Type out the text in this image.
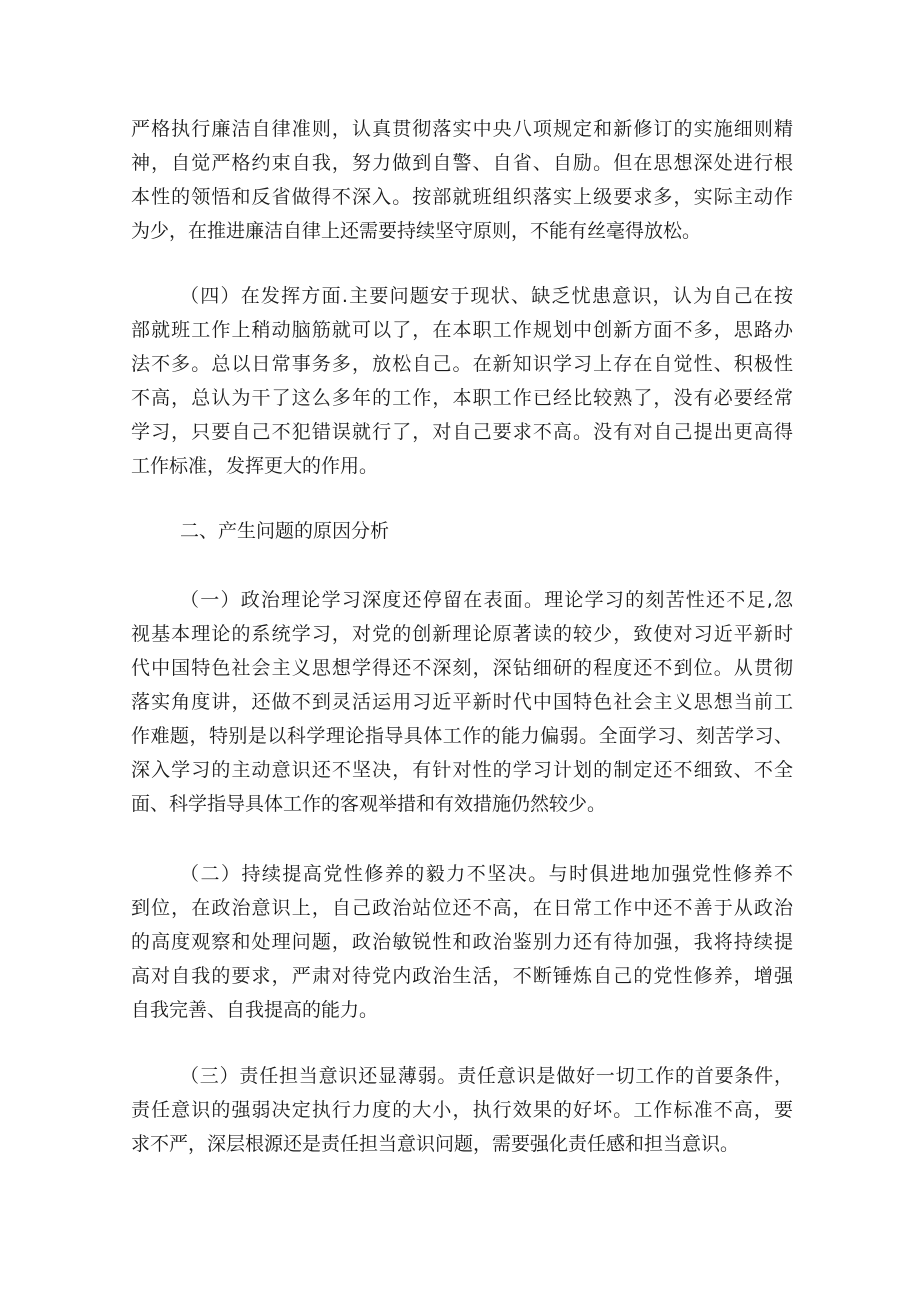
严格执行廉洁自律准则，认真贯彻落实中央八项规定和新修订的实施细则精
神，自觉严格约束自我，努力做到自警、自省、自励。但在思想深处进行根
本性的领悟和反省做得不深入。按部就班组织落实上级要求多，实际主动作
为少，在推进廉洁自律上还需要持续坚守原则，不能有丝毫得放松。
（四）在发挥方面.主要问题安于现状、缺乏忧患意识，认为自己在按
部就班工作上稍动脑筋就可以了，在本职工作规划中创新方面不多，思路办
法不多。总以日常事务多，放松自己。在新知识学习上存在自觉性、积极性
不高，总认为干了这么多年的工作，本职工作已经比较熟了，没有必要经常
学习，只要自己不犯错误就行了，对自己要求不高。没有对自己提出更高得
工作标准，发挥更大的作用。
二、产生问题的原因分析
（一）政治理论学习深度还停留在表面。理论学习的刻苦性还不足,忽
视基本理论的系统学习，对党的创新理论原著读的较少，致使对习近平新时
代中国特色社会主义思想学得还不深刻，深钻细研的程度还不到位。从贯彻
落实角度讲，还做不到灵活运用习近平新时代中国特色社会主义思想当前工
作难题，特别是以科学理论指导具体工作的能力偏弱。全面学习、刻苦学习、
深入学习的主动意识还不坚决，有针对性的学习计划的制定还不细致、不全
面、科学指导具体工作的客观举措和有效措施仍然较少。
（二）持续提高党性修养的毅力不坚决。与时俱进地加强党性修养不
到位，在政治意识上，自己政治站位还不高，在日常工作中还不善于从政治
的高度观察和处理问题，政治敏锐性和政治鉴别力还有待加强，我将持续提
高对自我的要求，严肃对待党内政治生活，不断锤炼自己的党性修养，增强
自我完善、自我提高的能力。
（三）责任担当意识还显薄弱。责任意识是做好一切工作的首要条件，
责任意识的强弱决定执行力度的大小，执行效果的好坏。工作标准不高，要
求不严，深层根源还是责任担当意识问题，需要强化责任感和担当意识。
